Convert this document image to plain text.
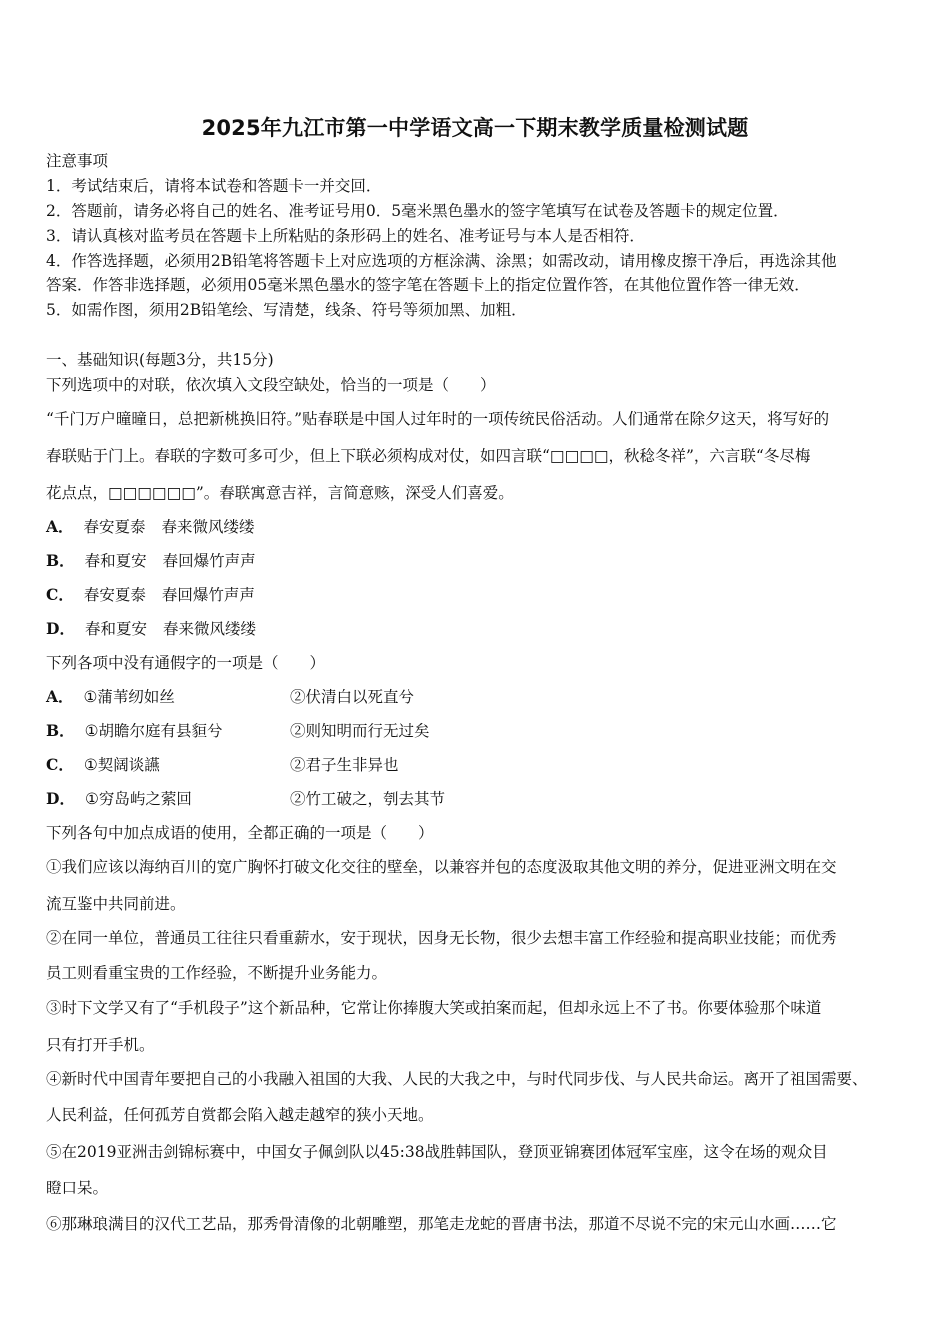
2025年九江市第一中学语文高一下期末教学质量检测试题
注意事项
1．考试结束后，请将本试卷和答题卡一并交回．
2．答题前，请务必将自己的姓名、准考证号用0．5毫米黑色墨水的签字笔填写在试卷及答题卡的规定位置．
3．请认真核对监考员在答题卡上所粘贴的条形码上的姓名、准考证号与本人是否相符．
4．作答选择题，必须用2B铅笔将答题卡上对应选项的方框涂满、涂黑；如需改动，请用橡皮擦干净后，再选涂其他
答案．作答非选择题，必须用05毫米黑色墨水的签字笔在答题卡上的指定位置作答，在其他位置作答一律无效．
5．如需作图，须用2B铅笔绘、写清楚，线条、符号等须加黑、加粗．
一、基础知识(每题3分，共15分)
下列选项中的对联，依次填入文段空缺处，恰当的一项是（　　）
“千门万户曈曈日，总把新桃换旧符。”贴春联是中国人过年时的一项传统民俗活动。人们通常在除夕这天，将写好的
春联贴于门上。春联的字数可多可少，但上下联必须构成对仗，如四言联“□□□□，秋稔冬祥”，六言联“冬尽梅
花点点，□□□□□□”。春联寓意吉祥，言简意赅，深受人们喜爱。
A． 春安夏泰 春来微风缕缕
B． 春和夏安 春回爆竹声声
C． 春安夏泰 春回爆竹声声
D． 春和夏安 春来微风缕缕
下列各项中没有通假字的一项是（　　）
A． ①蒲苇纫如丝	②伏清白以死直兮
B． ①胡瞻尔庭有县貆兮	②则知明而行无过矣
C． ①契阔谈讌	②君子生非异也
D． ①穷岛屿之萦回	②竹工破之，刳去其节
下列各句中加点成语的使用，全都正确的一项是（　　）
①我们应该以海纳百川的宽广胸怀打破文化交往的壁垒，以兼容并包的态度汲取其他文明的养分，促进亚洲文明在交
流互鉴中共同前进。
②在同一单位，普通员工往往只看重薪水，安于现状，因身无长物，很少去想丰富工作经验和提高职业技能；而优秀
员工则看重宝贵的工作经验，不断提升业务能力。
③时下文学又有了“手机段子”这个新品种，它常让你捧腹大笑或拍案而起，但却永远上不了书。你要体验那个味道
只有打开手机。
④新时代中国青年要把自己的小我融入祖国的大我、人民的大我之中，与时代同步伐、与人民共命运。离开了祖国需要、
人民利益，任何孤芳自赏都会陷入越走越窄的狭小天地。
⑤在2019亚洲击剑锦标赛中，中国女子佩剑队以45:38战胜韩国队，登顶亚锦赛团体冠军宝座，这令在场的观众目
瞪口呆。
⑥那琳琅满目的汉代工艺品，那秀骨清像的北朝雕塑，那笔走龙蛇的晋唐书法，那道不尽说不完的宋元山水画……它
